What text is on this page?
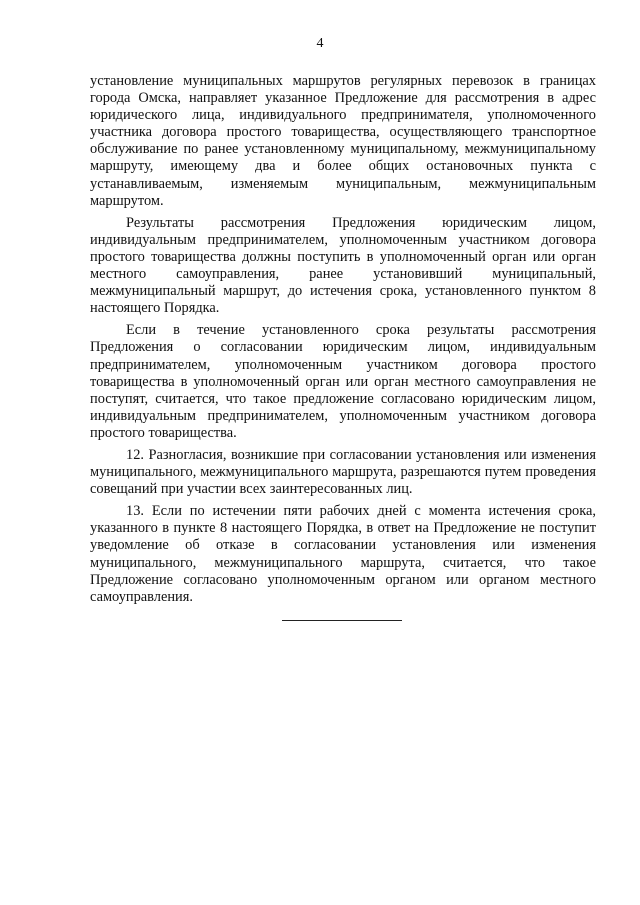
4

установление муниципальных маршрутов регулярных перевозок в границах города Омска, направляет указанное Предложение для рассмотрения в адрес юридического лица, индивидуального предпринимателя, уполномоченного участника договора простого товарищества, осуществляющего транспортное обслуживание по ранее установленному муниципальному, межмуниципальному маршруту, имеющему два и более общих остановочных пункта с устанавливаемым, изменяемым муниципальным, межмуниципальным маршрутом.

Результаты рассмотрения Предложения юридическим лицом, индивидуальным предпринимателем, уполномоченным участником договора простого товарищества должны поступить в уполномоченный орган или орган местного самоуправления, ранее установивший муниципальный, межмуниципальный маршрут, до истечения срока, установленного пунктом 8 настоящего Порядка.

Если в течение установленного срока результаты рассмотрения Предложения о согласовании юридическим лицом, индивидуальным предпринимателем, уполномоченным участником договора простого товарищества в уполномоченный орган или орган местного самоуправления не поступят, считается, что такое предложение согласовано юридическим лицом, индивидуальным предпринимателем, уполномоченным участником договора простого товарищества.

12. Разногласия, возникшие при согласовании установления или изменения муниципального, межмуниципального маршрута, разрешаются путем проведения совещаний при участии всех заинтересованных лиц.

13. Если по истечении пяти рабочих дней с момента истечения срока, указанного в пункте 8 настоящего Порядка, в ответ на Предложение не поступит уведомление об отказе в согласовании установления или изменения муниципального, межмуниципального маршрута, считается, что такое Предложение согласовано уполномоченным органом или органом местного самоуправления.
